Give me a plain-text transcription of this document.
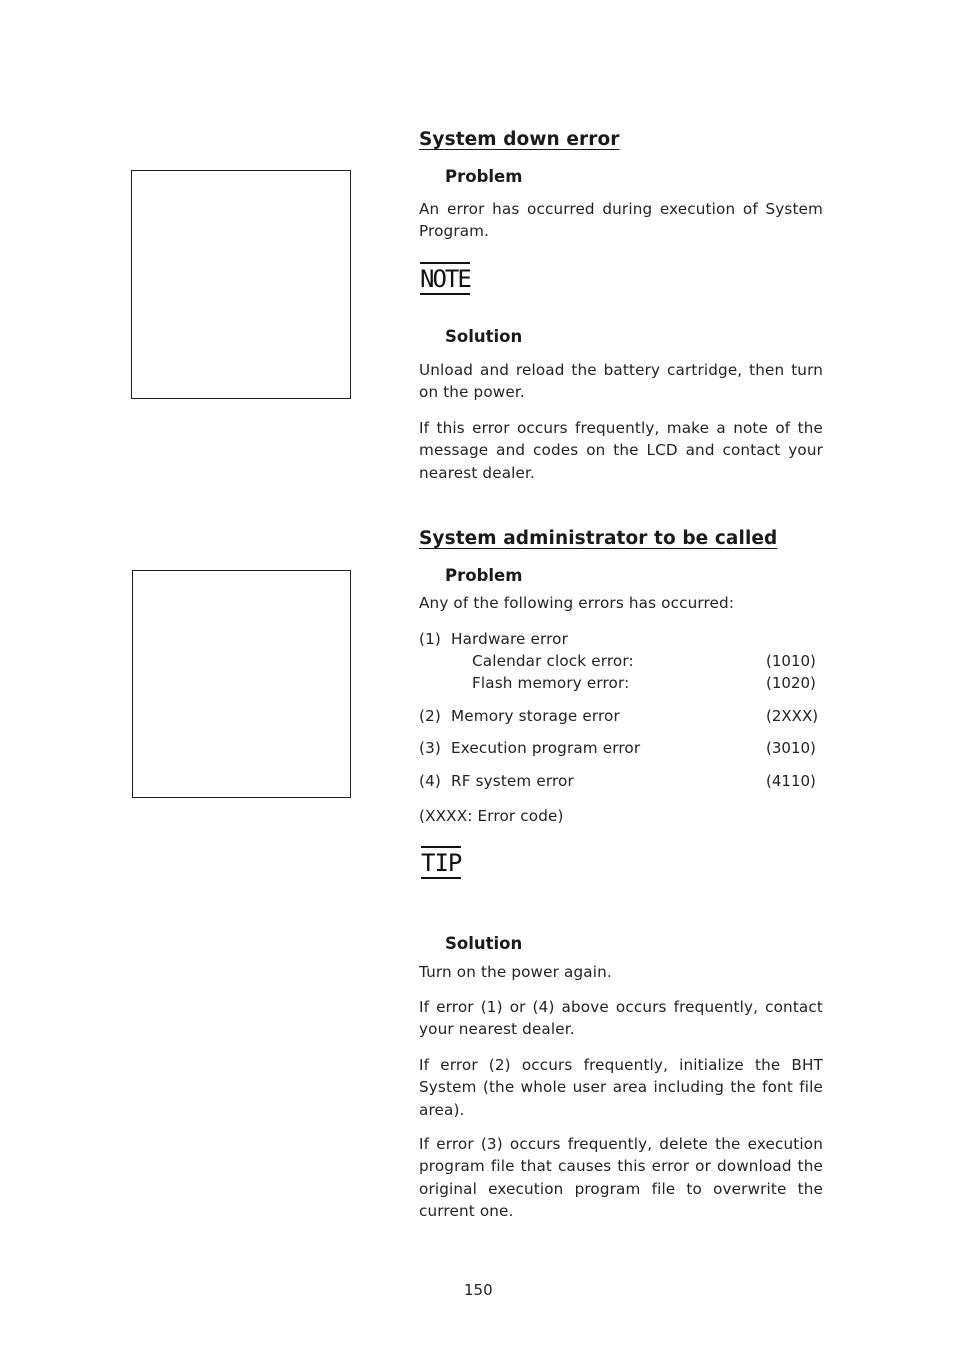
System down error
Problem
An error has occurred during execution of System Program.
NOTE
Solution
Unload and reload the battery cartridge, then turn on the power.
If this error occurs frequently, make a note of the message and codes on the LCD and contact your nearest dealer.
System administrator to be called
Problem
Any of the following errors has occurred:
(1) Hardware error
Calendar clock error:	(1010)
Flash memory error:	(1020)
(2) Memory storage error	(2XXX)
(3) Execution program error	(3010)
(4) RF system error	(4110)
(XXXX: Error code)
TIP
Solution
Turn on the power again.
If error (1) or (4) above occurs frequently, contact your nearest dealer.
If error (2) occurs frequently, initialize the BHT System (the whole user area including the font file area).
If error (3) occurs frequently, delete the execution program file that causes this error or download the original execution program file to overwrite the current one.
150
